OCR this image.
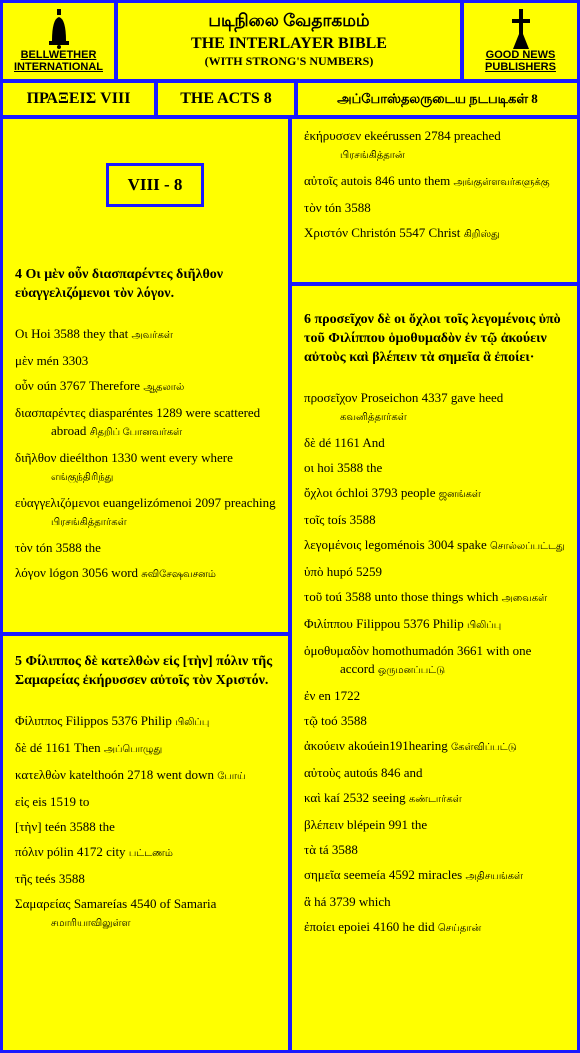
BELLWETHER INTERNATIONAL
படிநிலை வேதாகமம்
THE INTERLAYER BIBLE
(WITH STRONG'S NUMBERS)	GOOD NEWS PUBLISHERS
ΠΡΑΞΕΙΣ VIII	THE ACTS 8	அப்போஸ்தலருடைய நடபடிகள் 8
VIII - 8
4 Οι μὲν οὖν διασπαρέντες διῆλθον εὐαγγελιζόμενοι τὸν λόγον.
Οι Hoi 3588 they that அவர்கள்
μὲν mén 3303
οὖν oún 3767 Therefore ஆதலால்
διασπαρέντες diasparéntes 1289 were scattered abroad சிதறிப் போனவர்கள்
διῆλθον dieélthon 1330 went every where எங்குந்திரிந்து
εὐαγγελιζόμενοι euangelizómenoi 2097 preaching பிரசங்கித்தார்கள்
τὸν tón 3588 the
λόγον lógon 3056 word சுவிசேஷவசனம்
5 Φίλιππος δὲ κατελθὼν εἰς [τὴν] πόλιν τῆς Σαμαρείας ἐκήρυσσεν αὐτοῖς τὸν Χριστόν.
Φίλιππος Filippos 5376 Philip பிலிப்பு
δὲ dé 1161 Then அப்பொழுது
κατελθὼν katelthoón 2718 went down போய்
εἰς eis 1519 to
[τὴν] teén 3588 the
πόλιν pólin 4172 city பட்டணம்
τῆς teés 3588
Σαμαρείας Samareías 4540 of Samaria சமாரியாவிலுள்ள
ἐκήρυσσεν ekeérussen 2784 preached பிரசங்கித்தான்
αὐτοῖς autois 846 unto them அங்குள்ளவர்களுக்கு
τὸν tón 3588
Χριστόν Christón 5547 Christ கிறிஸ்து
6 προσεῖχον δὲ οι ὄχλοι τοῖς λεγομένοις ὑπὸ τοῦ Φιλίππου ὁμοθυμαδὸν ἐν τῷ ἀκούειν αὐτοὺς καὶ βλέπειν τὰ σημεῖα ἃ ἐποίει·
προσεῖχον Proseichon 4337 gave heed கவனித்தார்கள்
δὲ dé 1161 And
οι hoi 3588 the
ὄχλοι óchloi 3793 people ஜனங்கள்
τοῖς toís 3588
λεγομένοις legoménois 3004 spake சொல்லப்பட்டது
ὑπὸ hupó 5259
τοῦ toú 3588 unto those things which அவைகள்
Φιλίππου Filippou 5376 Philip பிலிப்பு
ὁμοθυμαδὸν homothumadón 3661 with one accord ஒருமனப்பட்டு
ἐν en 1722
τῷ toó 3588
ἀκούειν akoúein191hearing கேள்விப்பட்டு
αὐτοὺς autoús 846 and
καὶ kaí 2532 seeing கண்டார்கள்
βλέπειν blépein 991 the
τὰ tá 3588
σημεῖα seemeía 4592 miracles அதிசயங்கள்
ἃ há 3739 which
ἐποίει epoiei 4160 he did செய்தான்
